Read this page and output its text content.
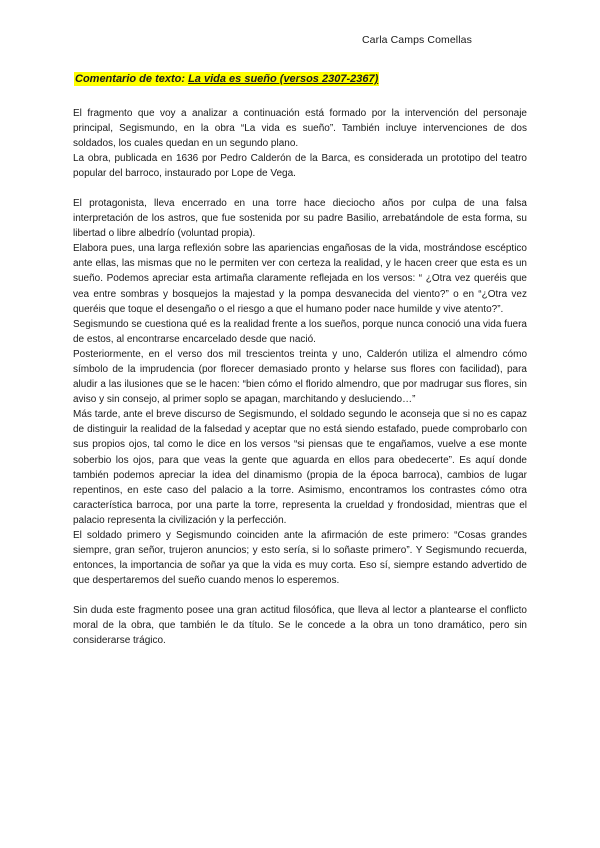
Carla Camps Comellas
Comentario de texto: La vida es sueño (versos 2307-2367)

El fragmento que voy a analizar a continuación está formado por la intervención del personaje principal, Segismundo, en la obra “La vida es sueño”. También incluye intervenciones de dos soldados, los cuales quedan en un segundo plano.

La obra, publicada en 1636 por Pedro Calderón de la Barca, es considerada un prototipo del teatro popular del barroco, instaurado por Lope de Vega.

El protagonista, lleva encerrado en una torre hace dieciocho años por culpa de una falsa interpretación de los astros, que fue sostenida por su padre Basilio, arrebatándole de esta forma, su libertad o libre albedrío (voluntad propia).

Elabora pues, una larga reflexión sobre las apariencias engañosas de la vida, mostrándose escéptico ante ellas, las mismas que no le permiten ver con certeza la realidad, y le hacen creer que esta es un sueño. Podemos apreciar esta artimaña claramente reflejada en los versos: “ ¿Otra vez queréis que vea entre sombras y bosquejos la majestad y la pompa desvanecida del viento?” o en “¿Otra vez queréis que toque el desengaño o el riesgo a que el humano poder nace humilde y vive atento?”.

Segismundo se cuestiona qué es la realidad frente a los sueños, porque nunca conoció una vida fuera de estos, al encontrarse encarcelado desde que nació.

Posteriormente, en el verso dos mil trescientos treinta y uno, Calderón utiliza el almendro cómo símbolo de la imprudencia (por florecer demasiado pronto y helarse sus flores con facilidad), para aludir a las ilusiones que se le hacen: “bien cómo el florido almendro, que por madrugar sus flores, sin aviso y sin consejo, al primer soplo se apagan, marchitando y desluciendo…”

Más tarde, ante el breve discurso de Segismundo, el soldado segundo le aconseja que si no es capaz de distinguir la realidad de la falsedad y aceptar que no está siendo estafado, puede comprobarlo con sus propios ojos, tal como le dice en los versos “si piensas que te engañamos, vuelve a ese monte soberbio los ojos, para que veas la gente que aguarda en ellos para obedecerte”. Es aquí donde también podemos apreciar la idea del dinamismo (propia de la época barroca), cambios de lugar repentinos, en este caso del palacio a la torre. Asimismo, encontramos los contrastes cómo otra característica barroca, por una parte la torre, representa la crueldad y frondosidad, mientras que el palacio representa la civilización y la perfección.

El soldado primero y Segismundo coinciden ante la afirmación de este primero: “Cosas grandes siempre, gran señor, trujeron anuncios; y esto sería, si lo soñaste primero”. Y Segismundo recuerda, entonces, la importancia de soñar ya que la vida es muy corta. Eso sí, siempre estando advertido de que despertaremos del sueño cuando menos lo esperemos.

Sin duda este fragmento posee una gran actitud filosófica, que lleva al lector a plantearse el conflicto moral de la obra, que también le da título. Se le concede a la obra un tono dramático, pero sin considerarse trágico.
